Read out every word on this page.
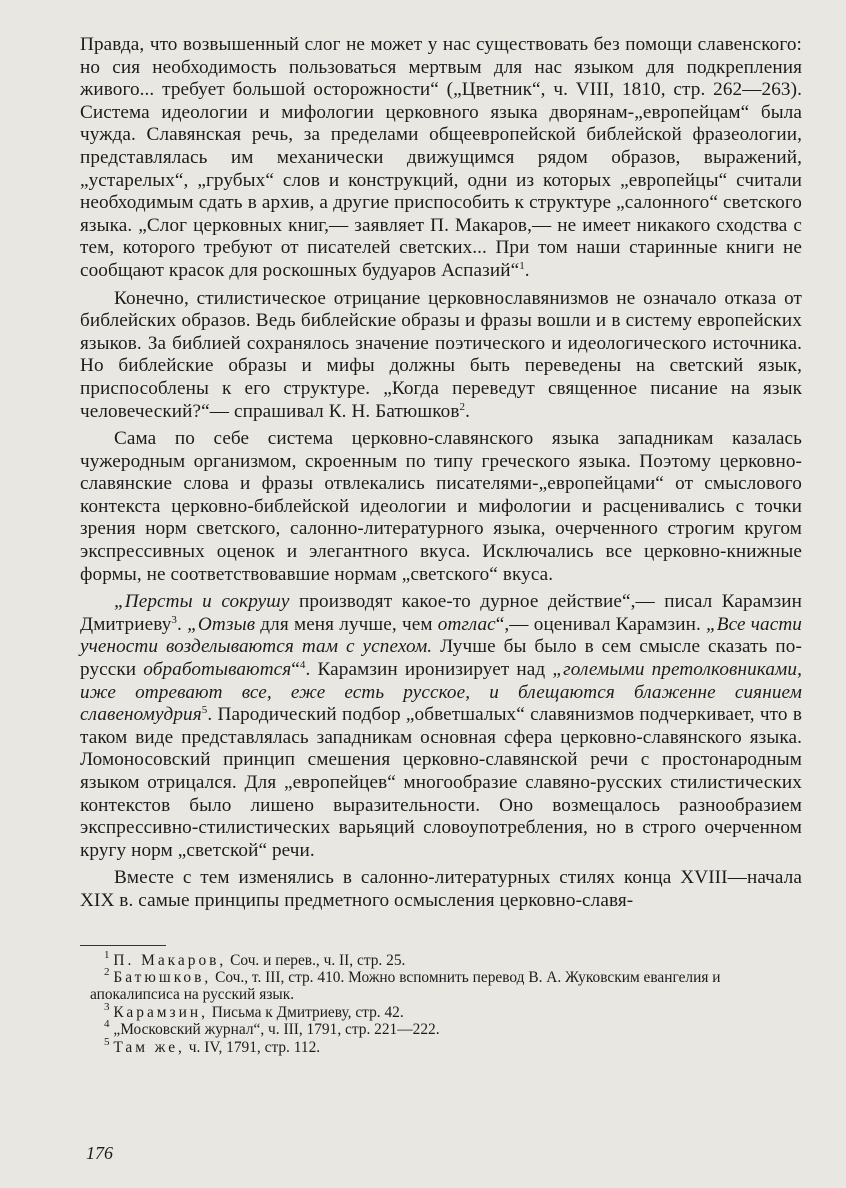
Правда, что возвышенный слог не может у нас существовать без помощи славенского: но сия необходимость пользоваться мертвым для нас языком для подкрепления живого... требует большой осторожности“ („Цветник“, ч. VIII, 1810, стр. 262—263). Система идеологии и мифологии церковного языка дворянам-„европейцам“ была чужда. Славянская речь, за пределами общеевропейской библейской фразеологии, представлялась им механически движущимся рядом образов, выражений, „устарелых“, „грубых“ слов и конструкций, одни из которых „европейцы“ считали необходимым сдать в архив, а другие приспособить к структуре „салонного“ светского языка. „Слог церковных книг,— заявляет П. Макаров,— не имеет никакого сходства с тем, которого требуют от писателей светских... При том наши старинные книги не сообщают красок для роскошных будуаров Аспазий“$^1$.

Конечно, стилистическое отрицание церковнославянизмов не означало отказа от библейских образов. Ведь библейские образы и фразы вошли и в систему европейских языков. За библией сохранялось значение поэтического и идеологического источника. Но библейские образы и мифы должны быть переведены на светский язык, приспособлены к его структуре. „Когда переведут священное писание на язык человеческий?“— спрашивал К. Н. Батюшков$^2$.

Сама по себе система церковно-славянского языка западникам казалась чужеродным организмом, скроенным по типу греческого языка. Поэтому церковно-славянские слова и фразы отвлекались писателями-„европейцами“ от смыслового контекста церковно-библейской идеологии и мифологии и расценивались с точки зрения норм светского, салонно-литературного языка, очерченного строгим кругом экспрессивных оценок и элегантного вкуса. Исключались все церковно-книжные формы, не соответствовавшие нормам „светского“ вкуса.

„Персты и сокрушу производят какое-то дурное действие“,— писал Карамзин Дмитриеву$^3$. „Отзыв для меня лучше, чем отглас“,— оценивал Карамзин. „Все части учености возделываются там с успехом. Лучше бы было в сем смысле сказать по-русски обработываются“$^4$. Карамзин иронизирует над „големыми претолковниками, иже отревают все, еже есть русское, и блещаются блаженне сиянием славеномудрия$^5$. Пародический подбор „обветшалых“ славянизмов подчеркивает, что в таком виде представлялась западникам основная сфера церковно-славянского языка. Ломоносовский принцип смешения церковно-славянской речи с простонародным языком отрицался. Для „европейцев“ многообразие славяно-русских стилистических контекстов было лишено выразительности. Оно возмещалось разнообразием экспрессивно-стилистических варьяций словоупотребления, но в строго очерченном кругу норм „светской“ речи.

Вместе с тем изменялись в салонно-литературных стилях конца XVIII—начала XIX в. самые принципы предметного осмысления церковно-славя-

$^1$ П. Макаров, Соч. и перев., ч. II, стр. 25.

$^2$ Батюшков, Соч., т. III, стр. 410. Можно вспомнить перевод В. А. Жуковским евангелия и апокалипсиса на русский язык.

$^3$ Карамзин, Письма к Дмитриеву, стр. 42.

$^4$ „Московский журнал“, ч. III, 1791, стр. 221—222.

$^5$ Там же, ч. IV, 1791, стр. 112.

176
